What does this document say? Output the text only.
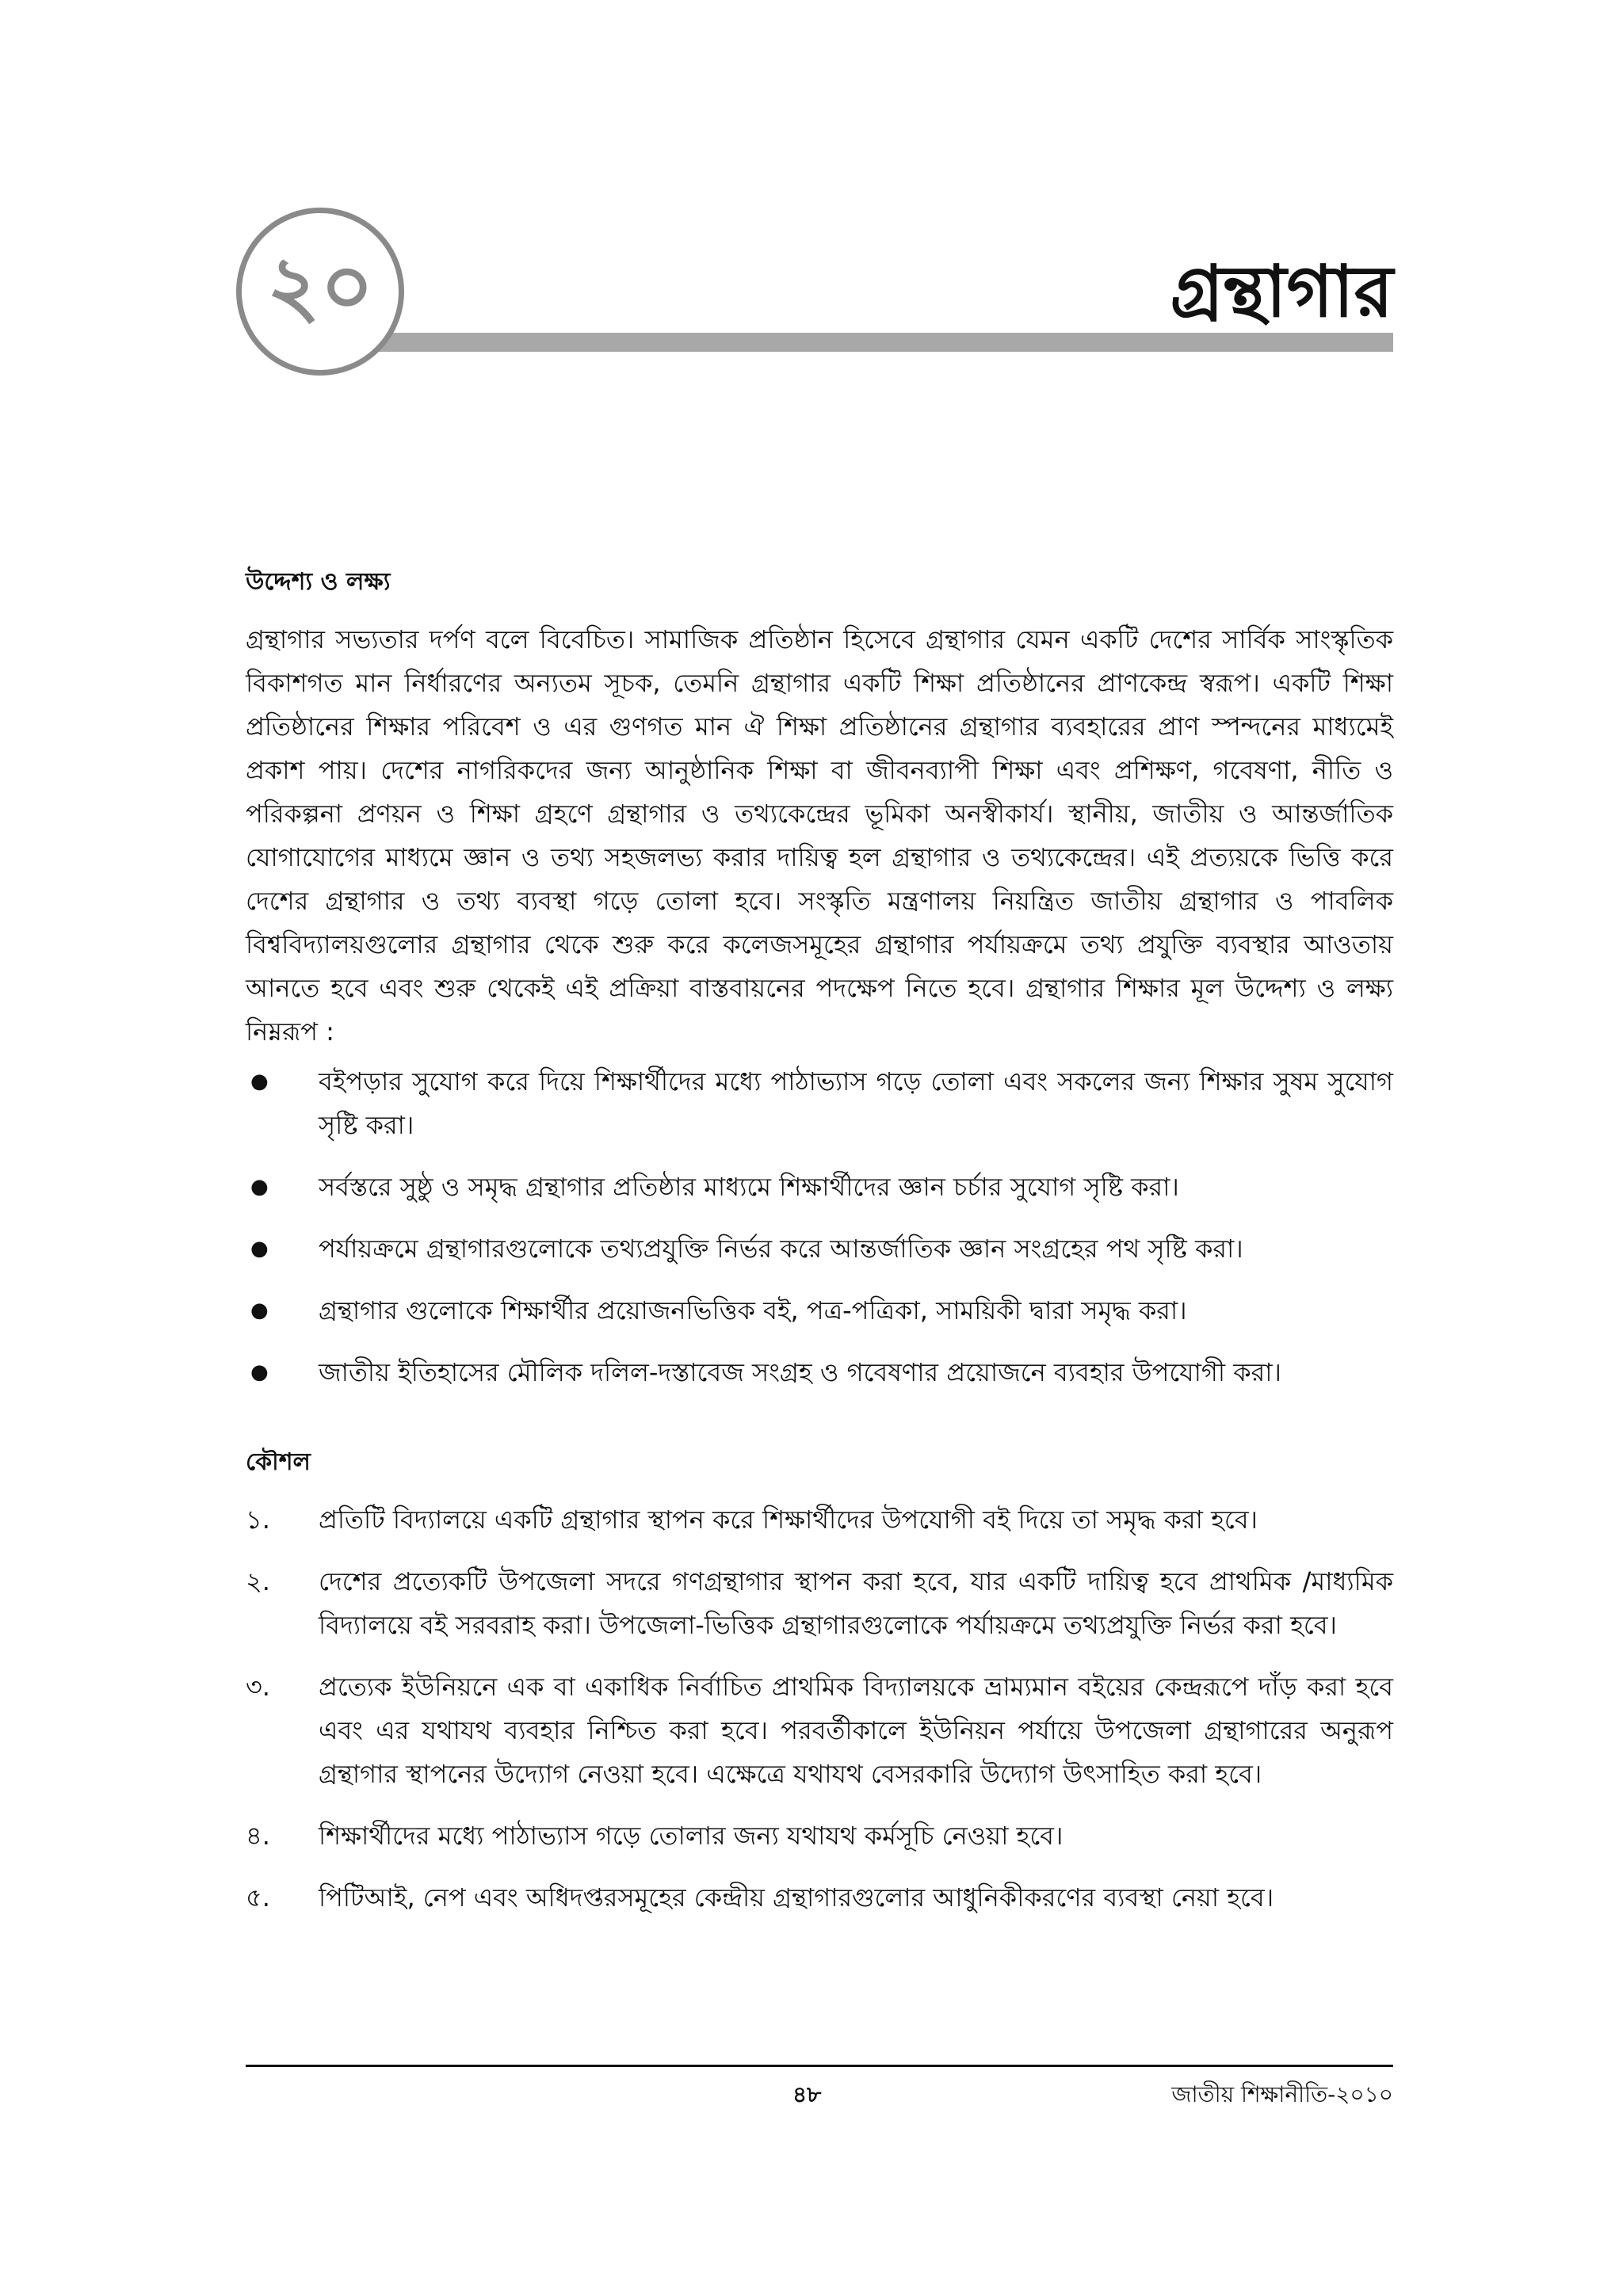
২০	গ্রন্থাগার
উদ্দেশ্য ও লক্ষ্য

গ্রন্থাগার সভ্যতার দর্পণ বলে বিবেচিত। সামাজিক প্রতিষ্ঠান হিসেবে গ্রন্থাগার যেমন একটি দেশের সার্বিক সাংস্কৃতিক বিকাশগত মান নির্ধারণের অন্যতম সূচক, তেমনি গ্রন্থাগার একটি শিক্ষা প্রতিষ্ঠানের প্রাণকেন্দ্র স্বরূপ। একটি শিক্ষা প্রতিষ্ঠানের শিক্ষার পরিবেশ ও এর গুণগত মান ঐ শিক্ষা প্রতিষ্ঠানের গ্রন্থাগার ব্যবহারের প্রাণ স্পন্দনের মাধ্যমেই প্রকাশ পায়। দেশের নাগরিকদের জন্য আনুষ্ঠানিক শিক্ষা বা জীবনব্যাপী শিক্ষা এবং প্রশিক্ষণ, গবেষণা, নীতি ও পরিকল্পনা প্রণয়ন ও শিক্ষা গ্রহণে গ্রন্থাগার ও তথ্যকেন্দ্রের ভূমিকা অনস্বীকার্য। স্থানীয়, জাতীয় ও আন্তর্জাতিক যোগাযোগের মাধ্যমে জ্ঞান ও তথ্য সহজলভ্য করার দায়িত্ব হল গ্রন্থাগার ও তথ্যকেন্দ্রের। এই প্রত্যয়কে ভিত্তি করে দেশের গ্রন্থাগার ও তথ্য ব্যবস্থা গড়ে তোলা হবে। সংস্কৃতি মন্ত্রণালয় নিয়ন্ত্রিত জাতীয় গ্রন্থাগার ও পাবলিক বিশ্ববিদ্যালয়গুলোর গ্রন্থাগার থেকে শুরু করে কলেজসমূহের গ্রন্থাগার পর্যায়ক্রমে তথ্য প্রযুক্তি ব্যবস্থার আওতায় আনতে হবে এবং শুরু থেকেই এই প্রক্রিয়া বাস্তবায়নের পদক্ষেপ নিতে হবে। গ্রন্থাগার শিক্ষার মূল উদ্দেশ্য ও লক্ষ্য নিম্নরূপ :

● বইপড়ার সুযোগ করে দিয়ে শিক্ষার্থীদের মধ্যে পাঠাভ্যাস গড়ে তোলা এবং সকলের জন্য শিক্ষার সুষম সুযোগ সৃষ্টি করা।
● সর্বস্তরে সুষ্ঠু ও সমৃদ্ধ গ্রন্থাগার প্রতিষ্ঠার মাধ্যমে শিক্ষার্থীদের জ্ঞান চর্চার সুযোগ সৃষ্টি করা।
● পর্যায়ক্রমে গ্রন্থাগারগুলোকে তথ্যপ্রযুক্তি নির্ভর করে আন্তর্জাতিক জ্ঞান সংগ্রহের পথ সৃষ্টি করা।
● গ্রন্থাগার গুলোকে শিক্ষার্থীর প্রয়োজনভিত্তিক বই, পত্র-পত্রিকা, সাময়িকী দ্বারা সমৃদ্ধ করা।
● জাতীয় ইতিহাসের মৌলিক দলিল-দস্তাবেজ সংগ্রহ ও গবেষণার প্রয়োজনে ব্যবহার উপযোগী করা।
কৌশল
১. প্রতিটি বিদ্যালয়ে একটি গ্রন্থাগার স্থাপন করে শিক্ষার্থীদের উপযোগী বই দিয়ে তা সমৃদ্ধ করা হবে।
২. দেশের প্রত্যেকটি উপজেলা সদরে গণগ্রন্থাগার স্থাপন করা হবে, যার একটি দায়িত্ব হবে প্রাথমিক /মাধ্যমিক বিদ্যালয়ে বই সরবরাহ করা। উপজেলা-ভিত্তিক গ্রন্থাগারগুলোকে পর্যায়ক্রমে তথ্যপ্রযুক্তি নির্ভর করা হবে।
৩. প্রত্যেক ইউনিয়নে এক বা একাধিক নির্বাচিত প্রাথমিক বিদ্যালয়কে ভ্রাম্যমান বইয়ের কেন্দ্ররূপে দাঁড় করা হবে এবং এর যথাযথ ব্যবহার নিশ্চিত করা হবে। পরবর্তীকালে ইউনিয়ন পর্যায়ে উপজেলা গ্রন্থাগারের অনুরূপ গ্রন্থাগার স্থাপনের উদ্যোগ নেওয়া হবে। এক্ষেত্রে যথাযথ বেসরকারি উদ্যোগ উৎসাহিত করা হবে।
৪. শিক্ষার্থীদের মধ্যে পাঠাভ্যাস গড়ে তোলার জন্য যথাযথ কর্মসূচি নেওয়া হবে।
৫. পিটিআই, নেপ এবং অধিদপ্তরসমূহের কেন্দ্রীয় গ্রন্থাগারগুলোর আধুনিকীকরণের ব্যবস্থা নেয়া হবে।
৪৮	জাতীয় শিক্ষানীতি-২০১০
